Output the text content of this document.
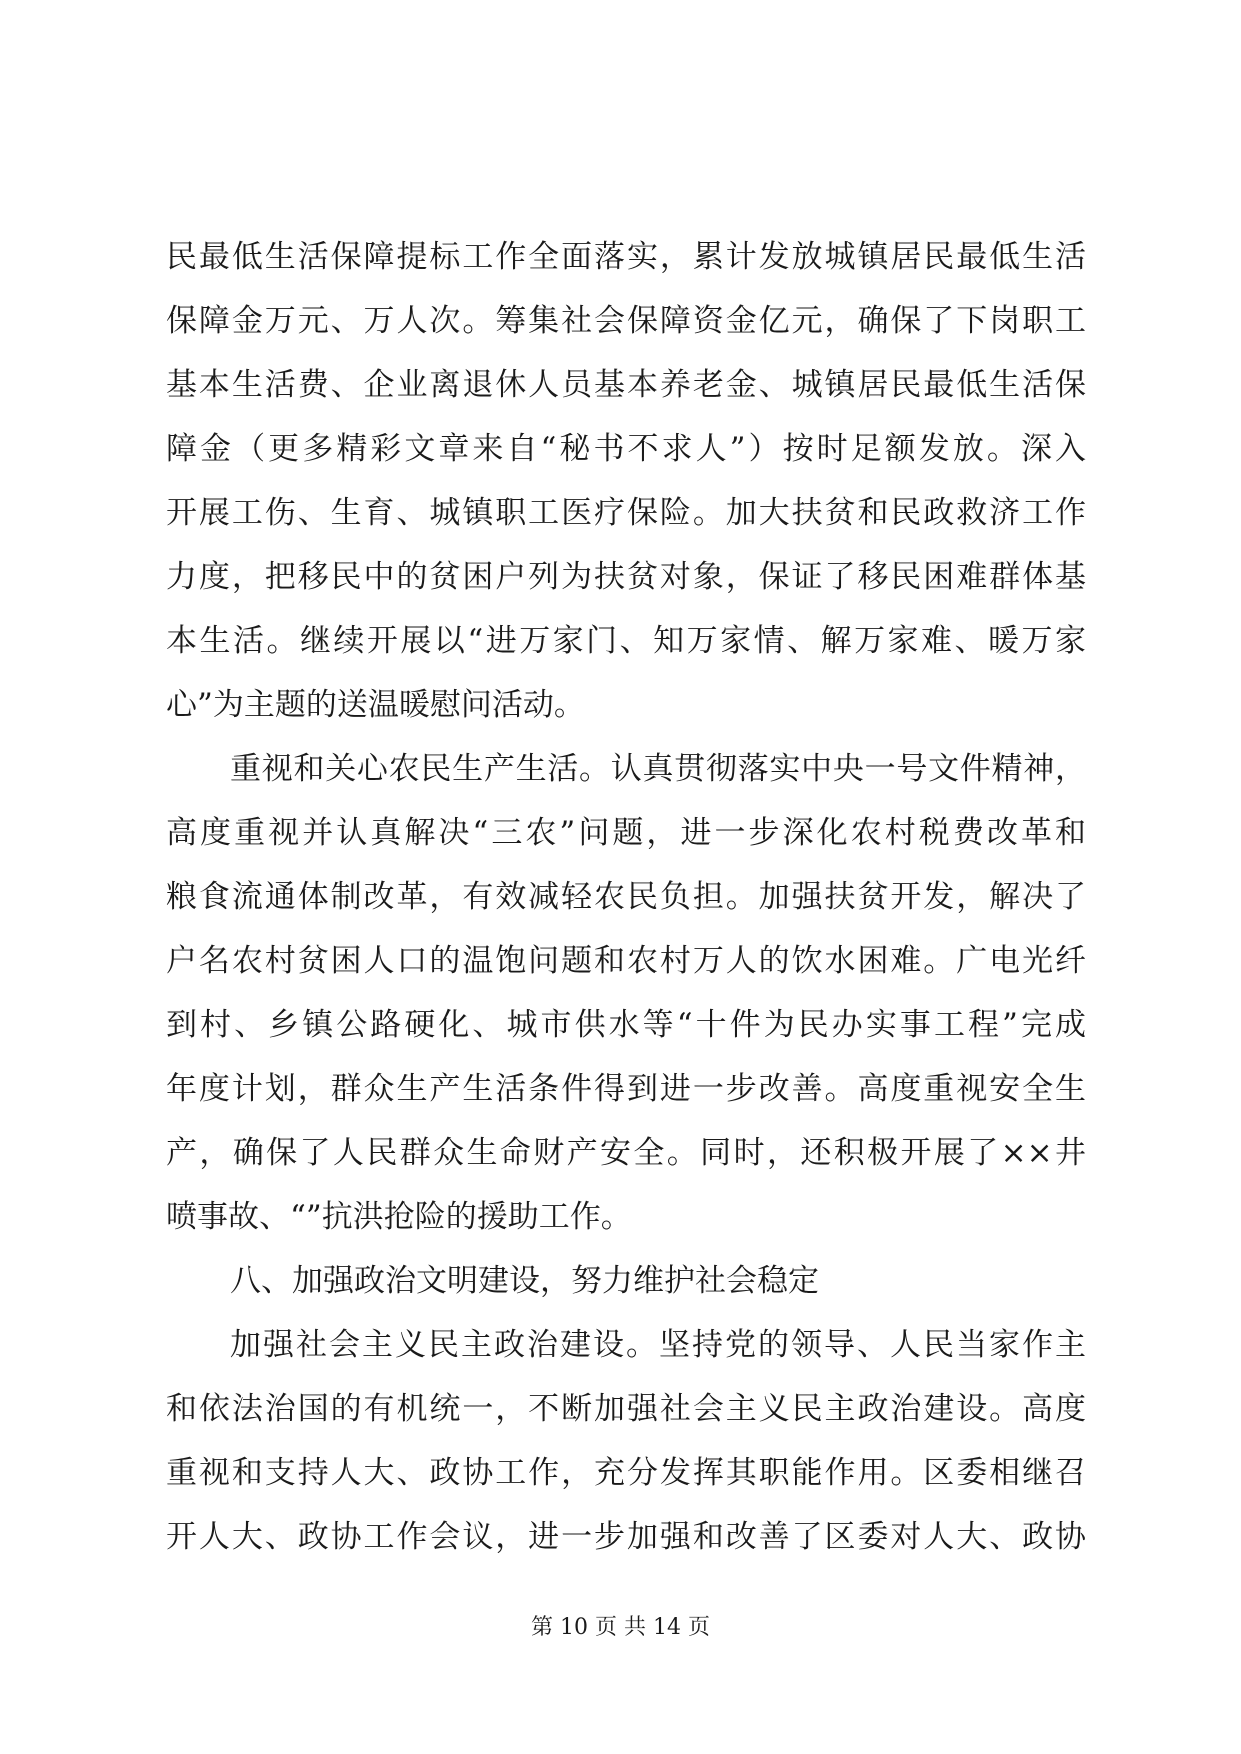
民最低生活保障提标工作全面落实，累计发放城镇居民最低生活
保障金万元、万人次。筹集社会保障资金亿元，确保了下岗职工
基本生活费、企业离退休人员基本养老金、城镇居民最低生活保
障金（更多精彩文章来自“秘书不求人”）按时足额发放。深入
开展工伤、生育、城镇职工医疗保险。加大扶贫和民政救济工作
力度，把移民中的贫困户列为扶贫对象，保证了移民困难群体基
本生活。继续开展以“进万家门、知万家情、解万家难、暖万家
心”为主题的送温暖慰问活动。
重视和关心农民生产生活。认真贯彻落实中央一号文件精神，
高度重视并认真解决“三农”问题，进一步深化农村税费改革和
粮食流通体制改革，有效减轻农民负担。加强扶贫开发，解决了
户名农村贫困人口的温饱问题和农村万人的饮水困难。广电光纤
到村、乡镇公路硬化、城市供水等“十件为民办实事工程”完成
年度计划，群众生产生活条件得到进一步改善。高度重视安全生
产，确保了人民群众生命财产安全。同时，还积极开展了××井
喷事故、“”抗洪抢险的援助工作。
八、加强政治文明建设，努力维护社会稳定
加强社会主义民主政治建设。坚持党的领导、人民当家作主
和依法治国的有机统一，不断加强社会主义民主政治建设。高度
重视和支持人大、政协工作，充分发挥其职能作用。区委相继召
开人大、政协工作会议，进一步加强和改善了区委对人大、政协
第 10 页 共 14 页
